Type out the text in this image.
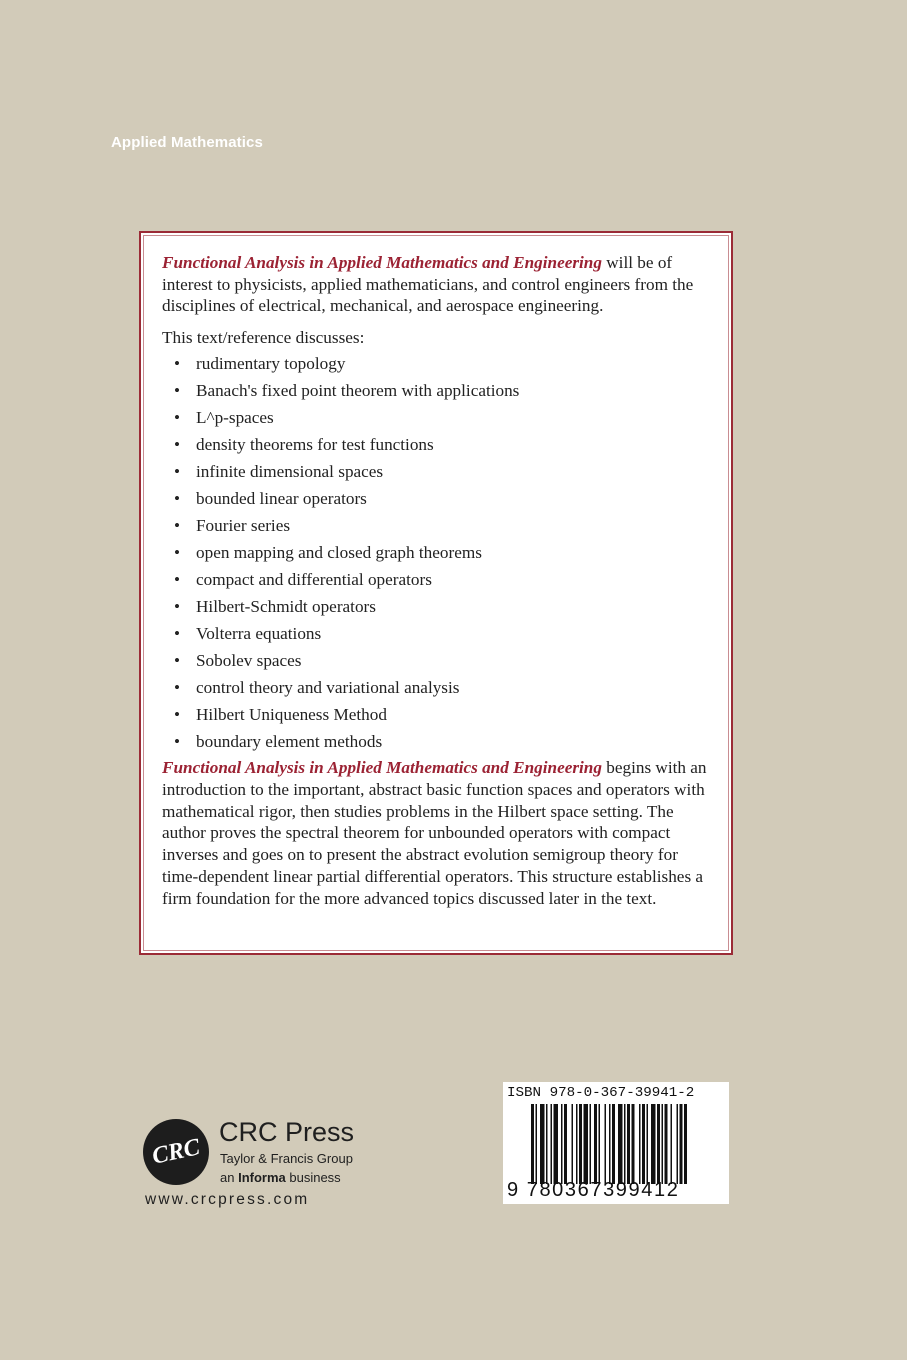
Applied Mathematics

Functional Analysis in Applied Mathematics and Engineering will be of interest to physicists, applied mathematicians, and control engineers from the disciplines of electrical, mechanical, and aerospace engineering.

This text/reference discusses:

• rudimentary topology
• Banach's fixed point theorem with applications
• L^p-spaces
• density theorems for test functions
• infinite dimensional spaces
• bounded linear operators
• Fourier series
• open mapping and closed graph theorems
• compact and differential operators
• Hilbert-Schmidt operators
• Volterra equations
• Sobolev spaces
• control theory and variational analysis
• Hilbert Uniqueness Method
• boundary element methods

Functional Analysis in Applied Mathematics and Engineering begins with an introduction to the important, abstract basic function spaces and operators with mathematical rigor, then studies problems in the Hilbert space setting. The author proves the spectral theorem for unbounded operators with compact inverses and goes on to present the abstract evolution semigroup theory for time-dependent linear partial differential operators. This structure establishes a firm foundation for the more advanced topics discussed later in the text.

CRC
CRC Press
Taylor & Francis Group
an Informa business
www.crcpress.com
ISBN 978-0-367-39941-2
9 780367399412
